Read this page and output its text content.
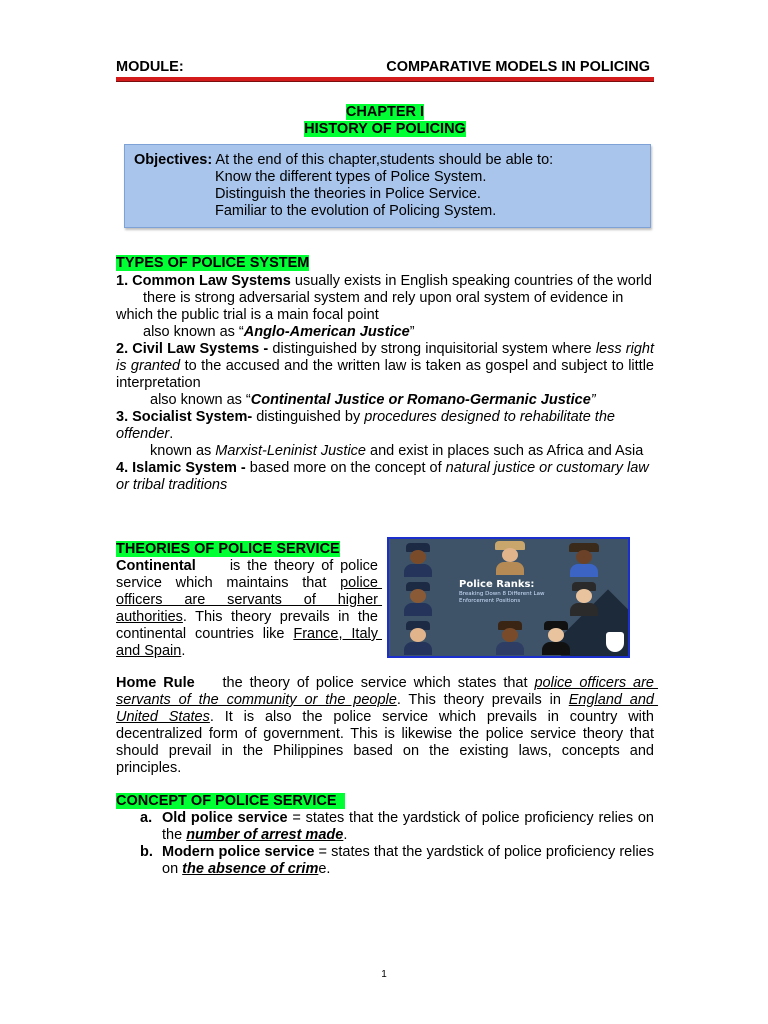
MODULE:	COMPARATIVE MODELS IN POLICING
CHAPTER I
HISTORY OF POLICING
Objectives: At the end of this chapter,students should be able to:
Know the different types of Police System.
Distinguish the theories in Police Service.
Familiar to the evolution of Policing System.

TYPES OF POLICE SYSTEM

1. Common Law Systems usually exists in English speaking countries of the world

there is strong adversarial system and rely upon oral system of evidence in

which the public trial is a main focal point

also known as “Anglo-American Justice”

2. Civil Law Systems - distinguished by strong inquisitorial system where less right is granted to the accused and the written law is taken as gospel and subject to little interpretation

also known as “Continental Justice or Romano-Germanic Justice”

3. Socialist System- distinguished by procedures designed to rehabilitate the offender.

known as Marxist-Leninist Justice and exist in places such as Africa and Asia

4. Islamic System - based more on the concept of natural justice or customary law or tribal traditions

THEORIES OF POLICE SERVICE

Continental     is the theory of police service which maintains that police officers are servants of higher authorities. This theory prevails in the continental countries like France, Italy and Spain.

Police Ranks:
Breaking Down 8 Different Law Enforcement Positions

Home Rule    the theory of police service which states that police officers are servants of the community or the people. This theory prevails in England and United States. It is also the police service which prevails in country with decentralized form of government. This is likewise the police service theory that should prevail in the Philippines based on the existing laws, concepts and principles.

CONCEPT OF POLICE SERVICE

a. Old police service = states that the yardstick of police proficiency relies on the number of arrest made.
b. Modern police service = states that the yardstick of police proficiency relies on the absence of crime.
1
